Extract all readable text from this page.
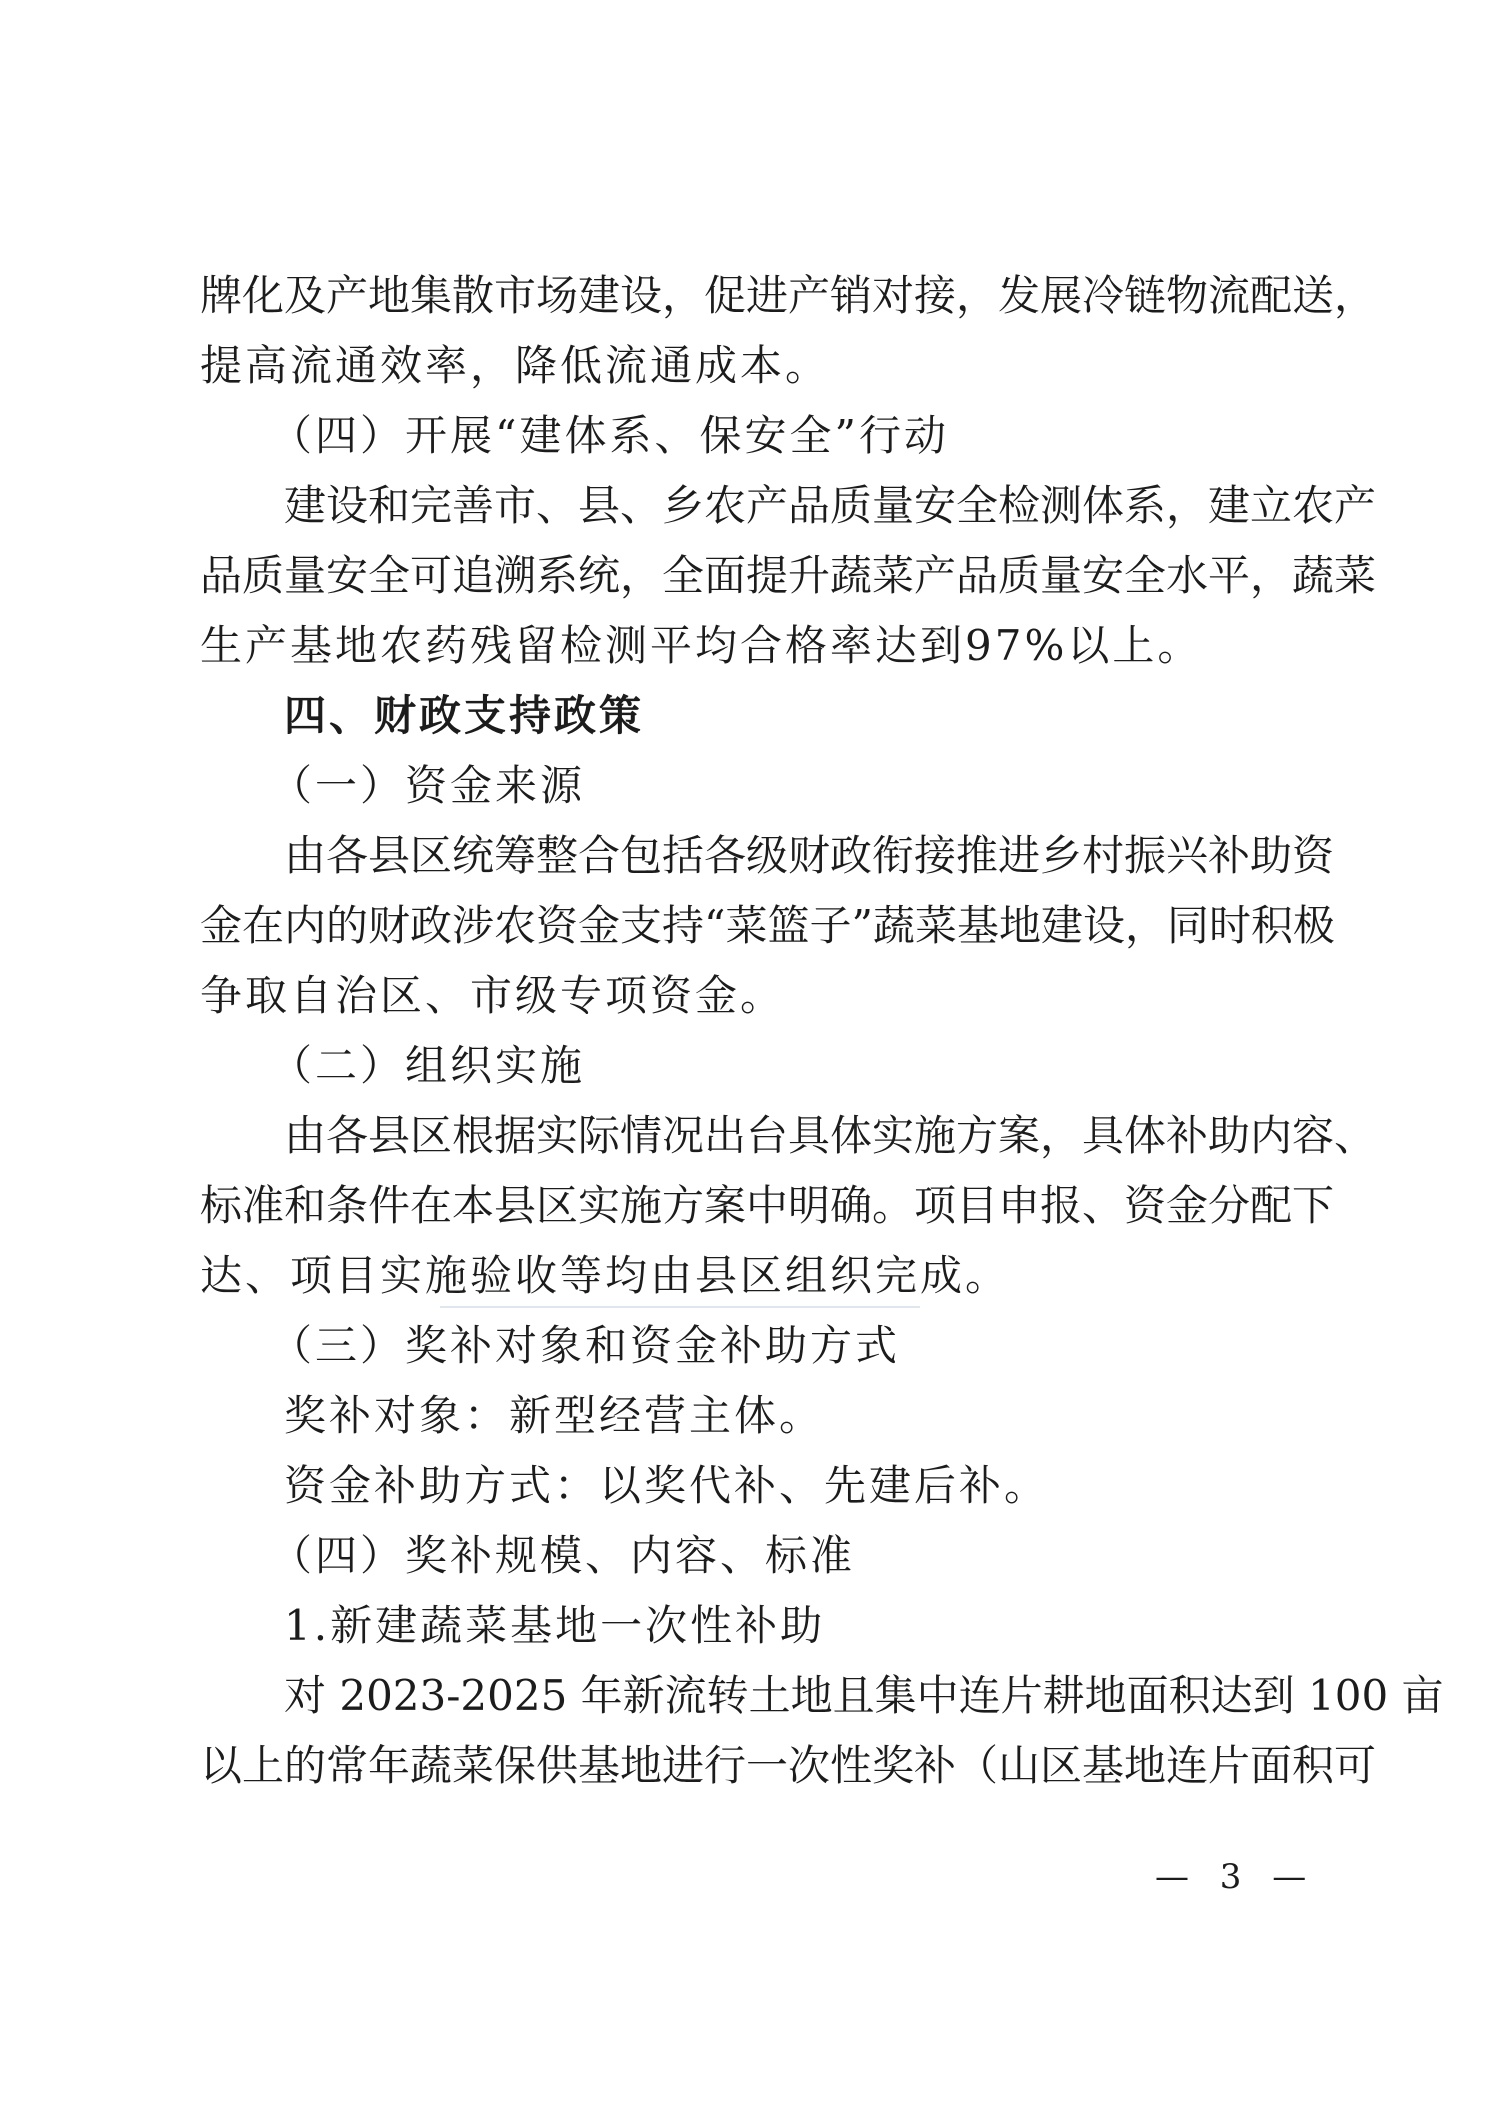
牌化及产地集散市场建设，促进产销对接，发展冷链物流配送，
提高流通效率，降低流通成本。
（四）开展“建体系、保安全”行动
建设和完善市、县、乡农产品质量安全检测体系，建立农产
品质量安全可追溯系统，全面提升蔬菜产品质量安全水平，蔬菜
生产基地农药残留检测平均合格率达到97%以上。
四、财政支持政策
（一）资金来源
由各县区统筹整合包括各级财政衔接推进乡村振兴补助资
金在内的财政涉农资金支持“菜篮子”蔬菜基地建设，同时积极
争取自治区、市级专项资金。
（二）组织实施
由各县区根据实际情况出台具体实施方案，具体补助内容、
标准和条件在本县区实施方案中明确。项目申报、资金分配下
达、项目实施验收等均由县区组织完成。
（三）奖补对象和资金补助方式
奖补对象：新型经营主体。
资金补助方式：以奖代补、先建后补。
（四）奖补规模、内容、标准
1.新建蔬菜基地一次性补助
对 2023-2025 年新流转土地且集中连片耕地面积达到 100 亩
以上的常年蔬菜保供基地进行一次性奖补（山区基地连片面积可
— 3 —
